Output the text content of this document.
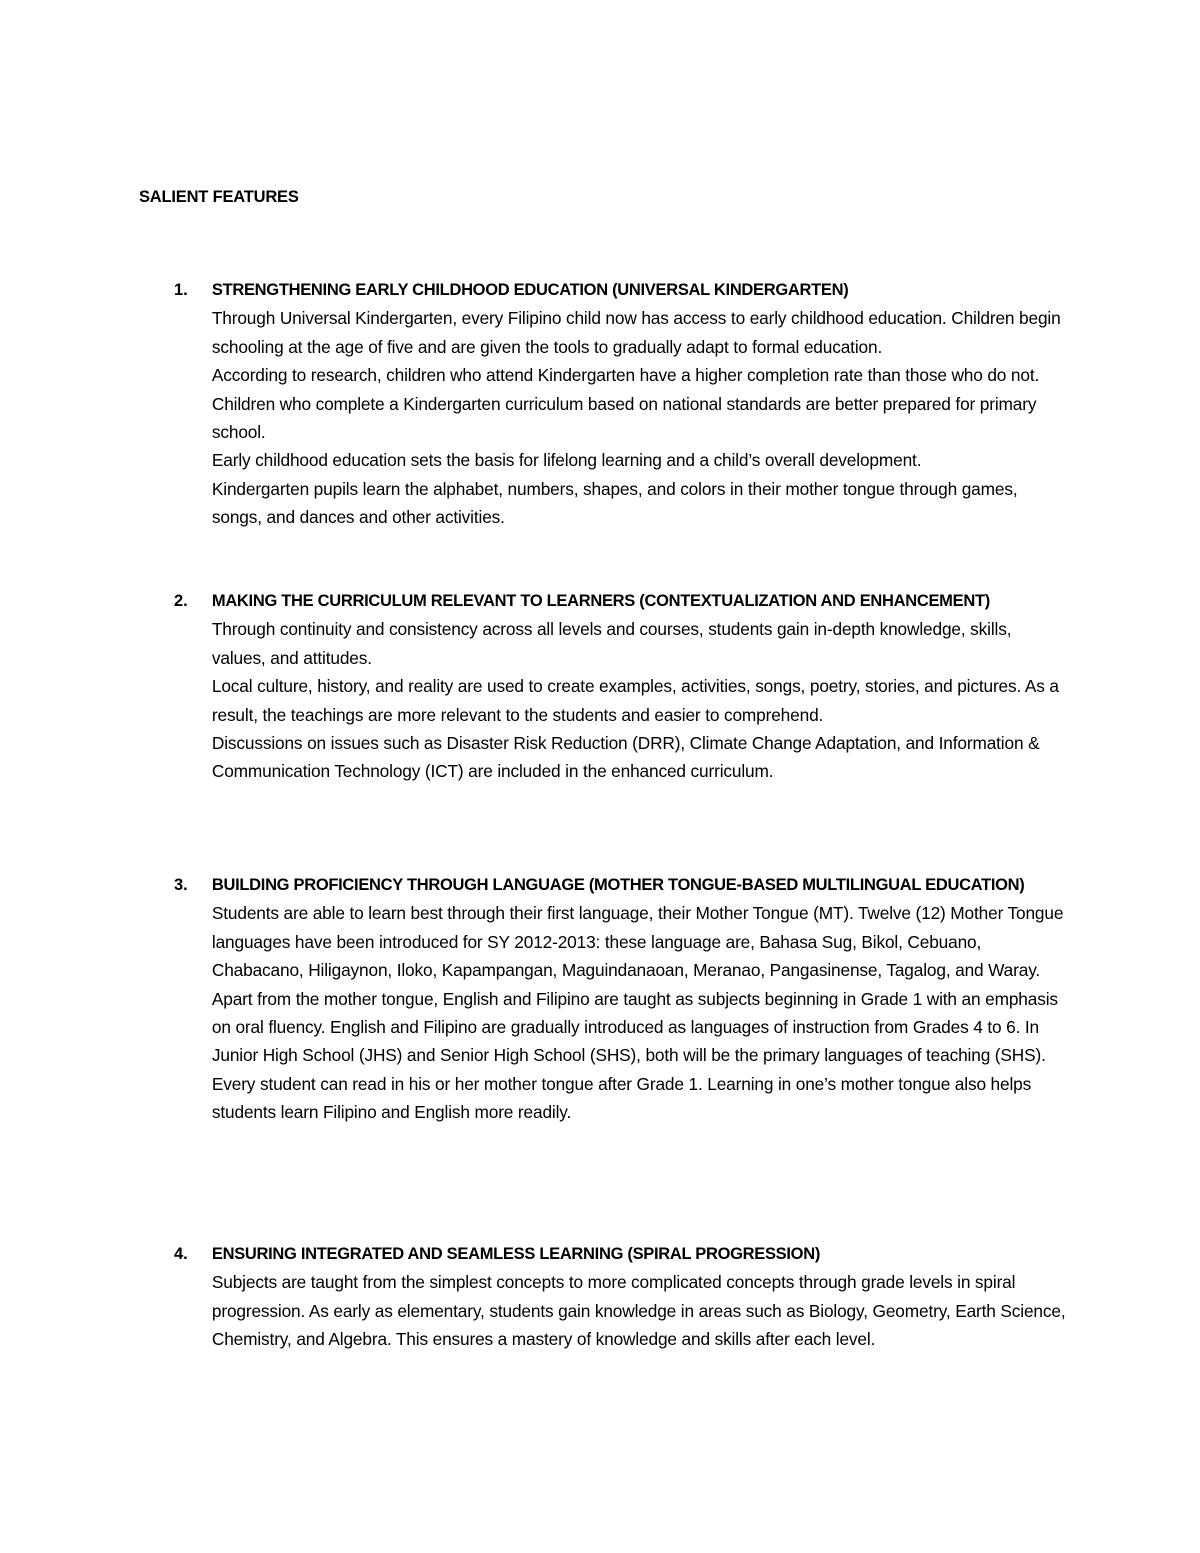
SALIENT FEATURES
1.	STRENGTHENING EARLY CHILDHOOD EDUCATION (UNIVERSAL KINDERGARTEN)

Through Universal Kindergarten, every Filipino child now has access to early childhood education. Children begin schooling at the age of five and are given the tools to gradually adapt to formal education.

According to research, children who attend Kindergarten have a higher completion rate than those who do not. Children who complete a Kindergarten curriculum based on national standards are better prepared for primary school.

Early childhood education sets the basis for lifelong learning and a child’s overall development.

Kindergarten pupils learn the alphabet, numbers, shapes, and colors in their mother tongue through games, songs, and dances and other activities.

2.	MAKING THE CURRICULUM RELEVANT TO LEARNERS (CONTEXTUALIZATION AND ENHANCEMENT)

Through continuity and consistency across all levels and courses, students gain in-depth knowledge, skills, values, and attitudes.

Local culture, history, and reality are used to create examples, activities, songs, poetry, stories, and pictures. As a result, the teachings are more relevant to the students and easier to comprehend.

Discussions on issues such as Disaster Risk Reduction (DRR), Climate Change Adaptation, and Information & Communication Technology (ICT) are included in the enhanced curriculum.

3.	BUILDING PROFICIENCY THROUGH LANGUAGE (MOTHER TONGUE-BASED MULTILINGUAL EDUCATION)

Students are able to learn best through their first language, their Mother Tongue (MT). Twelve (12) Mother Tongue languages have been introduced for SY 2012-2013: these language are, Bahasa Sug, Bikol, Cebuano, Chabacano, Hiligaynon, Iloko, Kapampangan, Maguindanaoan, Meranao, Pangasinense, Tagalog, and Waray.

Apart from the mother tongue, English and Filipino are taught as subjects beginning in Grade 1 with an emphasis on oral fluency. English and Filipino are gradually introduced as languages of instruction from Grades 4 to 6. In Junior High School (JHS) and Senior High School (SHS), both will be the primary languages of teaching (SHS).

Every student can read in his or her mother tongue after Grade 1. Learning in one’s mother tongue also helps students learn Filipino and English more readily.

4.	ENSURING INTEGRATED AND SEAMLESS LEARNING (SPIRAL PROGRESSION)

Subjects are taught from the simplest concepts to more complicated concepts through grade levels in spiral progression. As early as elementary, students gain knowledge in areas such as Biology, Geometry, Earth Science, Chemistry, and Algebra. This ensures a mastery of knowledge and skills after each level.
